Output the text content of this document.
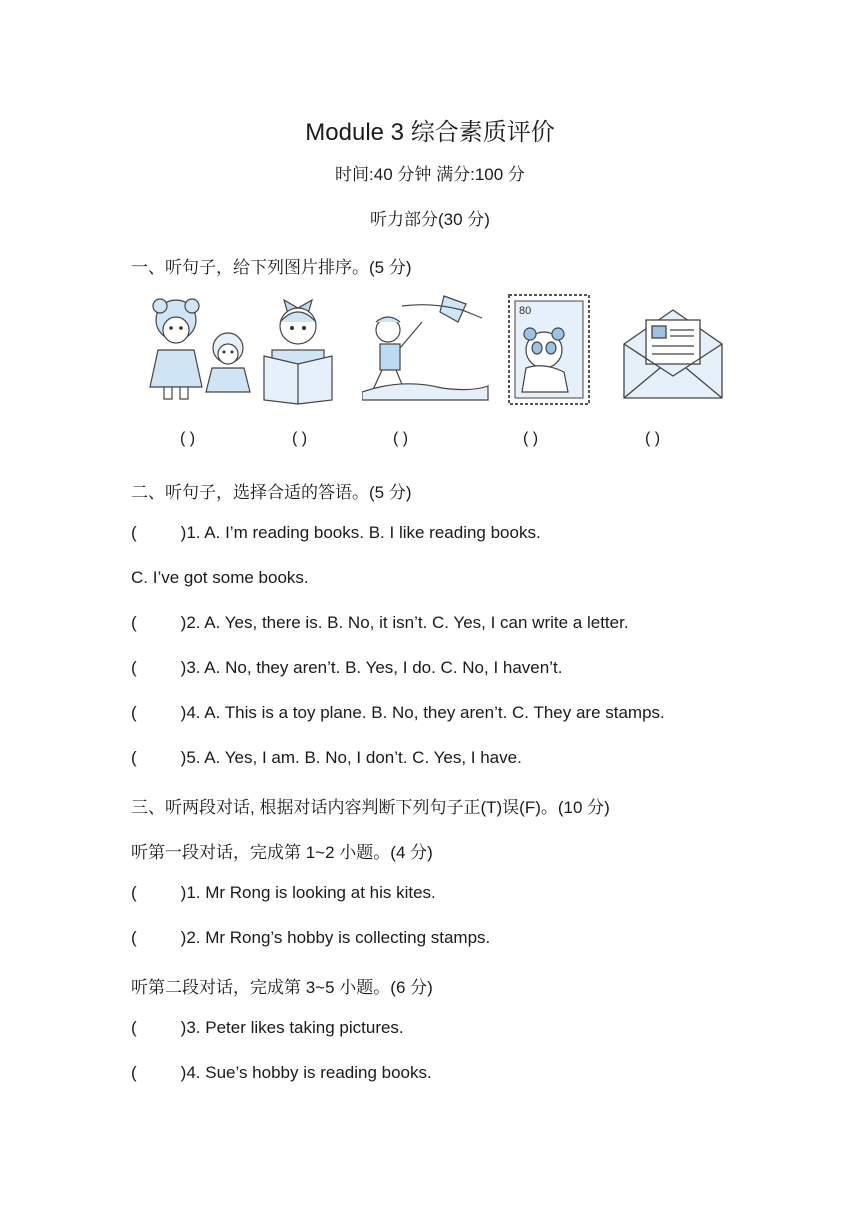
Module 3 综合素质评价
时间:40 分钟 满分:100 分
听力部分(30 分)
一、听句子，给下列图片排序。(5 分)
80
( )	( )	( )	( )	( )
二、听句子，选择合适的答语。(5 分)
(	)1. A. I’m reading books. B. I like reading books.
C. I’ve got some books.
(	)2. A. Yes, there is. B. No, it isn’t. C. Yes, I can write a letter.
(	)3. A. No, they aren’t. B. Yes, I do. C. No, I haven’t.
(	)4. A. This is a toy plane. B. No, they aren’t. C. They are stamps.
(	)5. A. Yes, I am. B. No, I don’t. C. Yes, I have.
三、听两段对话, 根据对话内容判断下列句子正(T)误(F)。(10 分)
听第一段对话，完成第 1~2 小题。(4 分)
(	)1. Mr Rong is looking at his kites.
(	)2. Mr Rong’s hobby is collecting stamps.
听第二段对话，完成第 3~5 小题。(6 分)
(	)3. Peter likes taking pictures.
(	)4. Sue’s hobby is reading books.
